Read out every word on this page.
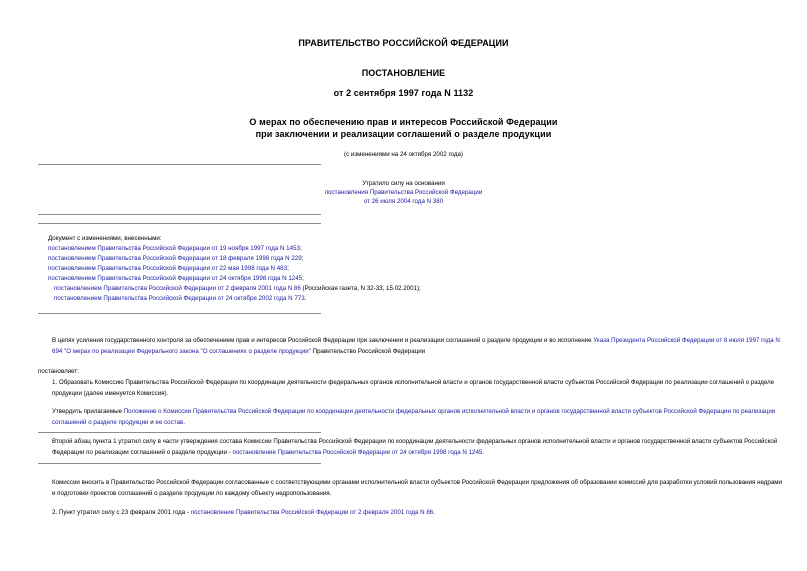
ПРАВИТЕЛЬСТВО РОССИЙСКОЙ ФЕДЕРАЦИИ
ПОСТАНОВЛЕНИЕ
от 2 сентября 1997 года N 1132
О мерах по обеспечению прав и интересов Российской Федерации
при заключении и реализации соглашений о разделе продукции
(с изменениями на 24 октября 2002 года)
Утратило силу на основании
постановления Правительства Российской Федерации
от 26 июля 2004 года N 380
Документ с изменениями, внесенными:
постановлением Правительства Российской Федерации от 19 ноября 1997 года N 1453;
постановлением Правительства Российской Федерации от 18 февраля 1998 года N 229;
постановлением Правительства Российской Федерации от 22 мая 1998 года N 483;
постановлением Правительства Российской Федерации от 24 октября 1998 года N 1245;
постановлением Правительства Российской Федерации от 2 февраля 2001 года N 86 (Российская газета, N 32-33, 15.02.2001);
постановлением Правительства Российской Федерации от 24 октября 2002 года N 773.
В целях усиления государственного контроля за обеспечением прав и интересов Российской Федерации при заключении и реализации соглашений о разделе продукции и во исполнение Указа Президента Российской Федерации от 8 июля 1997 года N 694 "О мерах по реализации Федерального закона "О соглашениях о разделе продукции" Правительство Российской Федерации
постановляет:
1. Образовать Комиссию Правительства Российской Федерации по координации деятельности федеральных органов исполнительной власти и органов государственной власти субъектов Российской Федерации по реализации соглашений о разделе продукции (далее именуется Комиссия).
Утвердить прилагаемые Положение о Комиссии Правительства Российской Федерации по координации деятельности федеральных органов исполнительной власти и органов государственной власти субъектов Российской Федерации по реализации соглашений о разделе продукции и ее состав.
Второй абзац пункта 1 утратил силу в части утверждения состава Комиссии Правительства Российской Федерации по координации деятельности федеральных органов исполнительной власти и органов государственной власти субъектов Российской Федерации по реализации соглашений о разделе продукции - постановление Правительства Российской Федерации от 24 октября 1998 года N 1245.
Комиссии вносить в Правительство Российской Федерации согласованные с соответствующими органами исполнительной власти субъектов Российской Федерации предложения об образовании комиссий для разработки условий пользования недрами и подготовки проектов соглашений о разделе продукции по каждому объекту недропользования.
2. Пункт утратил силу с 23 февраля 2001 года - постановление Правительства Российской Федерации от 2 февраля 2001 года N 86.
